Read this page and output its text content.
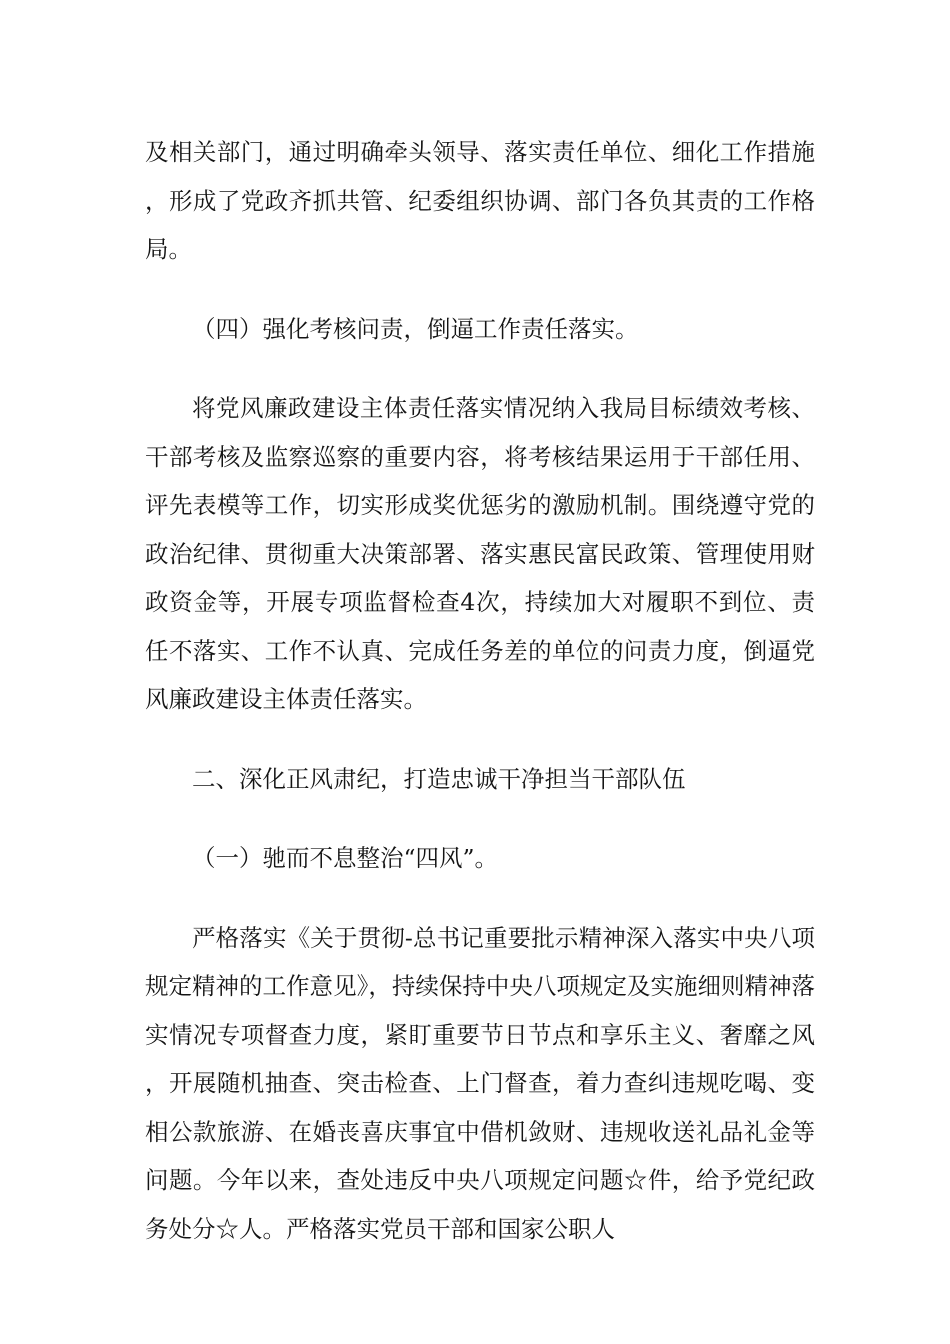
及相关部门，通过明确牵头领导、落实责任单位、细化工作措施，形成了党政齐抓共管、纪委组织协调、部门各负其责的工作格局。

（四）强化考核问责，倒逼工作责任落实。

将党风廉政建设主体责任落实情况纳入我局目标绩效考核、干部考核及监察巡察的重要内容，将考核结果运用于干部任用、评先表模等工作，切实形成奖优惩劣的激励机制。围绕遵守党的政治纪律、贯彻重大决策部署、落实惠民富民政策、管理使用财政资金等，开展专项监督检查4次，持续加大对履职不到位、责任不落实、工作不认真、完成任务差的单位的问责力度，倒逼党风廉政建设主体责任落实。

二、深化正风肃纪，打造忠诚干净担当干部队伍

（一）驰而不息整治“四风”。

严格落实《关于贯彻-总书记重要批示精神深入落实中央八项规定精神的工作意见》，持续保持中央八项规定及实施细则精神落实情况专项督查力度，紧盯重要节日节点和享乐主义、奢靡之风，开展随机抽查、突击检查、上门督查，着力查纠违规吃喝、变相公款旅游、在婚丧喜庆事宜中借机敛财、违规收送礼品礼金等问题。今年以来，查处违反中央八项规定问题☆件，给予党纪政务处分☆人。严格落实党员干部和国家公职人
